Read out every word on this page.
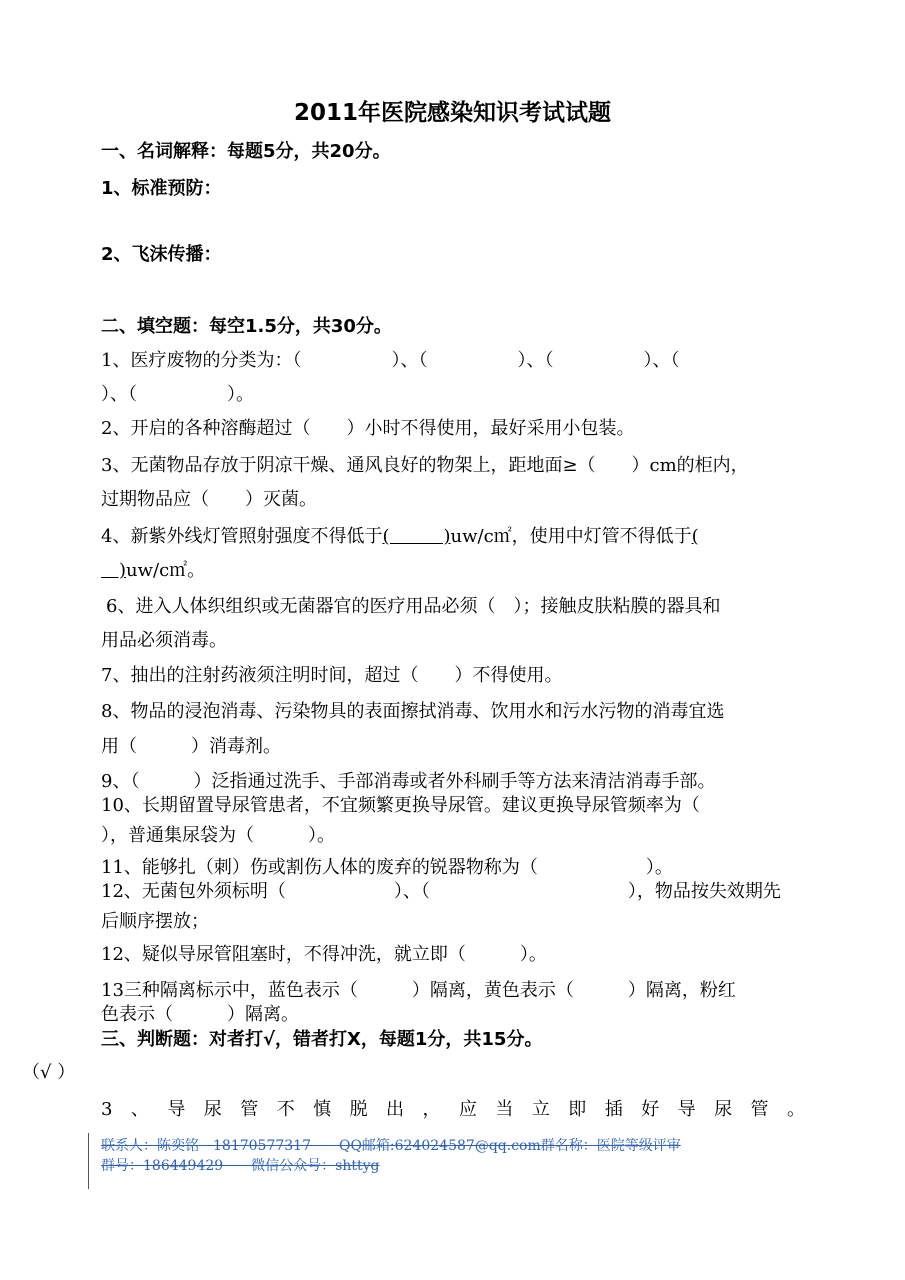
2011年医院感染知识考试试题
一、名词解释：每题5分，共20分。
1、标准预防：
2、飞沫传播：
二、填空题：每空1.5分，共30分。
1、医疗废物的分类为：（　　　　　）、（　　　　　）、（　　　　　）、（
）、（　　　　　）。
2、开启的各种溶酶超过（　　）小时不得使用，最好采用小包装。
3、无菌物品存放于阴凉干燥、通风良好的物架上，距地面≥（　　）cm的柜内，
过期物品应（　　）灭菌。
4、新紫外线灯管照射强度不得低于(　　　)uw/c㎡，使用中灯管不得低于(
　)uw/c㎡。
6、进入人体织组织或无菌器官的医疗用品必须（　）；接触皮肤粘膜的器具和
用品必须消毒。
7、抽出的注射药液须注明时间，超过（　　）不得使用。
8、物品的浸泡消毒、污染物具的表面擦拭消毒、饮用水和污水污物的消毒宜选
用（　　　）消毒剂。
9、（　　　）泛指通过洗手、手部消毒或者外科刷手等方法来清洁消毒手部。
10、长期留置导尿管患者，不宜频繁更换导尿管。建议更换导尿管频率为（
），普通集尿袋为（　　　）。
11、能够扎（刺）伤或割伤人体的废弃的锐器物称为（　　　　　　）。
12、无菌包外须标明（　　　　　　）、（　　　　　　　　　　　），物品按失效期先
后顺序摆放；
12、疑似导尿管阻塞时，不得冲洗，就立即（　　　）。
13三种隔离标示中，蓝色表示（　　　）隔离，黄色表示（　　　）隔离，粉红
色表示（　　　）隔离。
三、判断题：对者打√，错者打X，每题1分，共15分。
（√ ）
3、导尿管不慎脱出，应当立即插好导尿管。
联系人：陈奕铭　18170577317　　QQ邮箱:624024587@qq.com群名称：医院等级评审
群号：186449429　　微信公众号：shttyg
